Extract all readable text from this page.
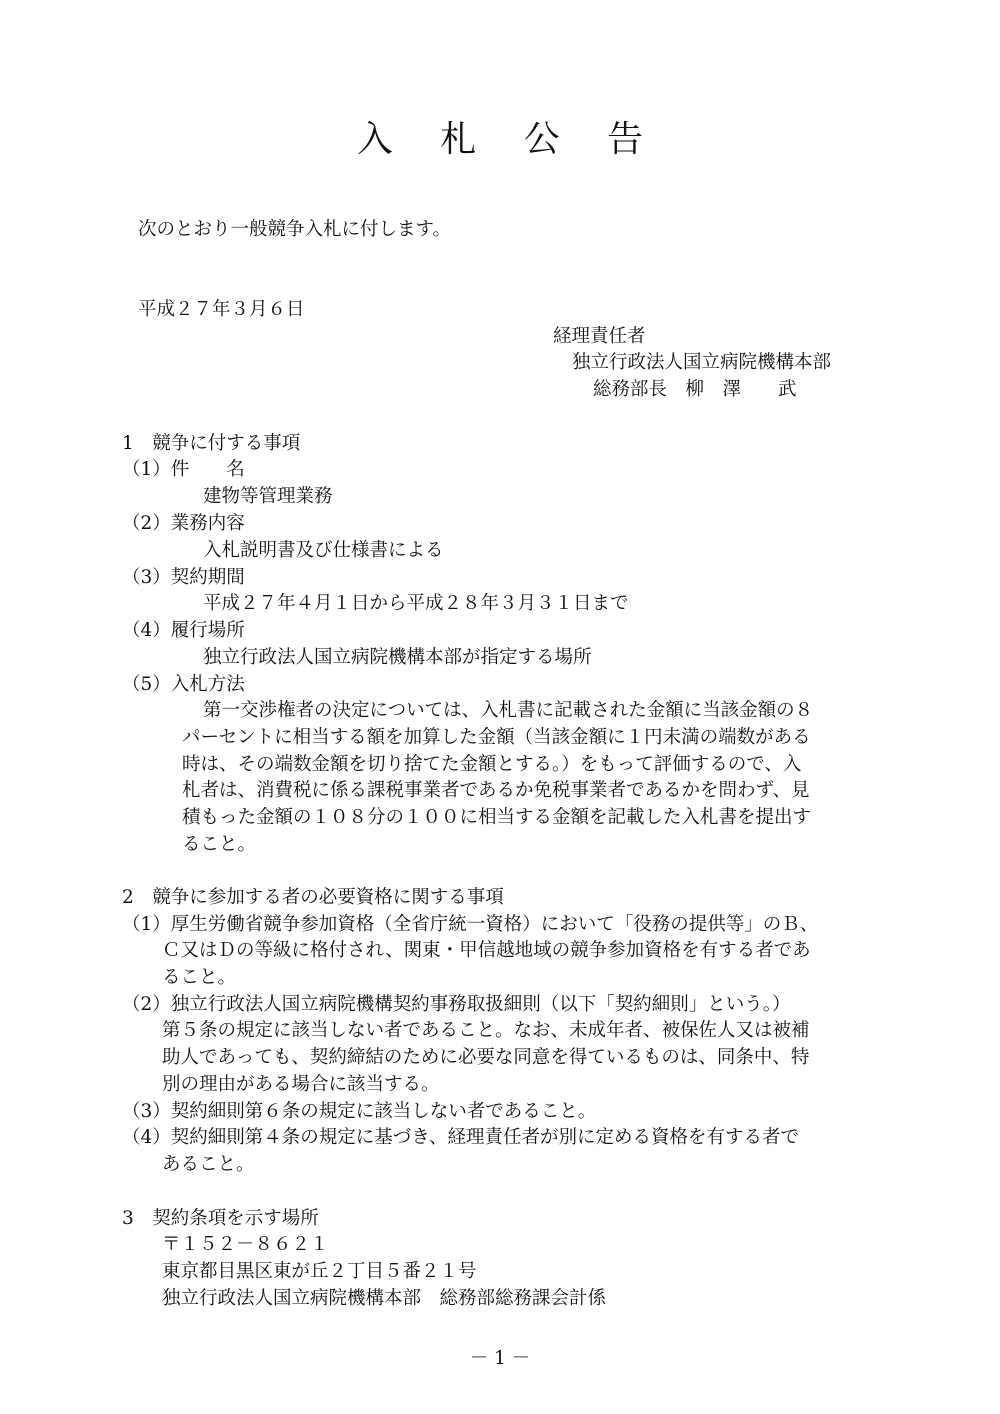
入 札 公 告
次のとおり一般競争入札に付します。
平成２７年３月６日
経理責任者
独立行政法人国立病院機構本部
総務部長　柳　澤　　武
1　競争に付する事項
（1）件　　名
建物等管理業務
（2）業務内容
入札説明書及び仕様書による
（3）契約期間
平成２７年４月１日から平成２８年３月３１日まで
（4）履行場所
独立行政法人国立病院機構本部が指定する場所
（5）入札方法
第一交渉権者の決定については、入札書に記載された金額に当該金額の８
パーセントに相当する額を加算した金額（当該金額に１円未満の端数がある
時は、その端数金額を切り捨てた金額とする。）をもって評価するので、入
札者は、消費税に係る課税事業者であるか免税事業者であるかを問わず、見
積もった金額の１０８分の１００に相当する金額を記載した入札書を提出す
ること。
2　競争に参加する者の必要資格に関する事項
（1）厚生労働省競争参加資格（全省庁統一資格）において「役務の提供等」のＢ、
Ｃ又はＤの等級に格付され、関東・甲信越地域の競争参加資格を有する者であ
ること。
（2）独立行政法人国立病院機構契約事務取扱細則（以下「契約細則」という。）
第５条の規定に該当しない者であること。なお、未成年者、被保佐人又は被補
助人であっても、契約締結のために必要な同意を得ているものは、同条中、特
別の理由がある場合に該当する。
（3）契約細則第６条の規定に該当しない者であること。
（4）契約細則第４条の規定に基づき、経理責任者が別に定める資格を有する者で
あること。
3　契約条項を示す場所
〒１５２－８６２１
東京都目黒区東が丘２丁目５番２１号
独立行政法人国立病院機構本部　総務部総務課会計係
－ 1 －
